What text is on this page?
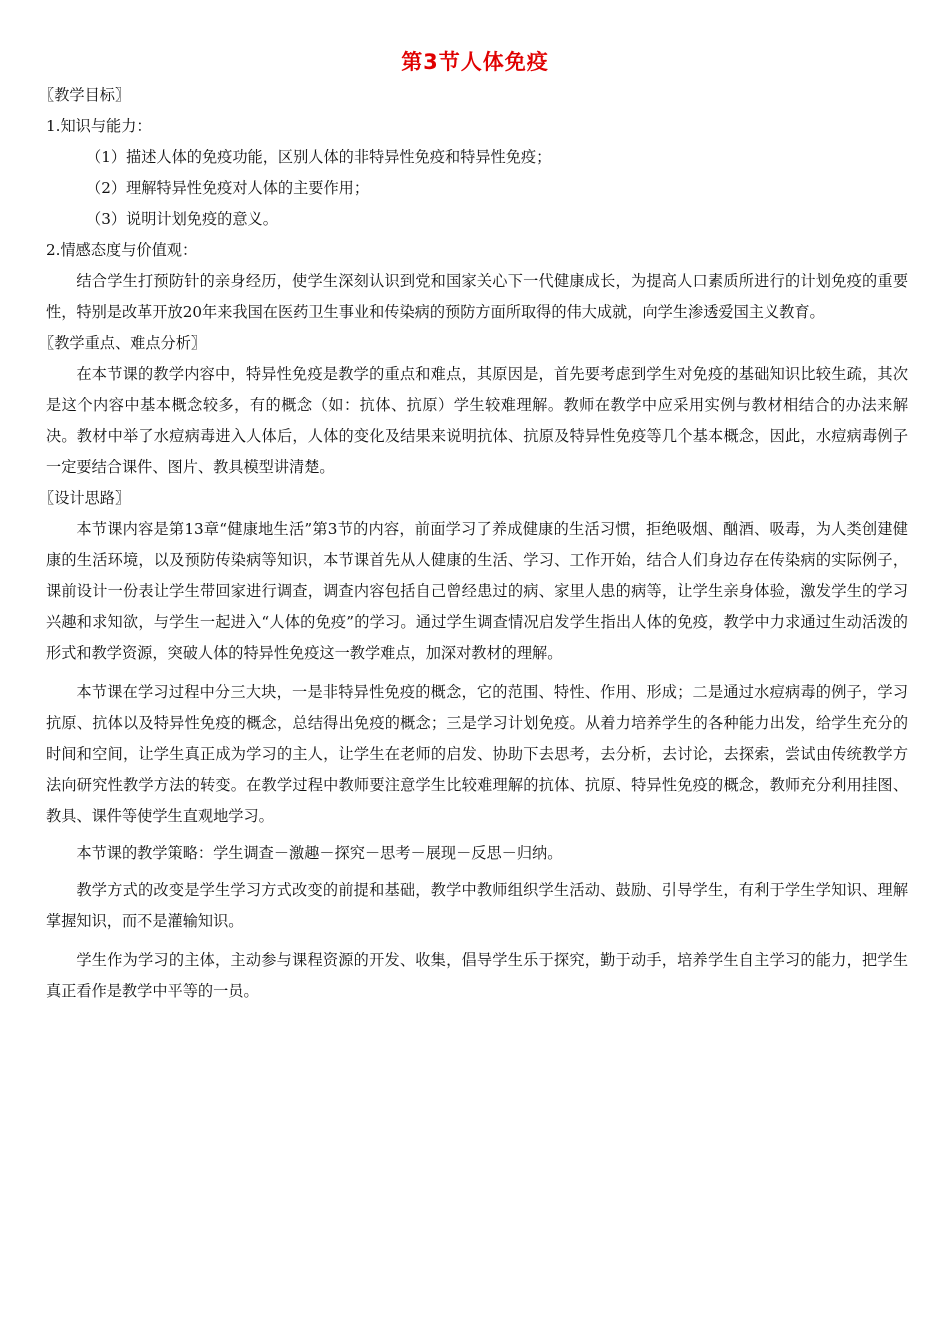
第3节人体免疫

〖教学目标〗

1.知识与能力：

（1）描述人体的免疫功能，区别人体的非特异性免疫和特异性免疫；

（2）理解特异性免疫对人体的主要作用；

（3）说明计划免疫的意义。

2.情感态度与价值观：

结合学生打预防针的亲身经历，使学生深刻认识到党和国家关心下一代健康成长，为提高人口素质所进行的计划免疫的重要性，特别是改革开放20年来我国在医药卫生事业和传染病的预防方面所取得的伟大成就，向学生渗透爱国主义教育。

〖教学重点、难点分析〗

在本节课的教学内容中，特异性免疫是教学的重点和难点，其原因是，首先要考虑到学生对免疫的基础知识比较生疏，其次是这个内容中基本概念较多，有的概念（如：抗体、抗原）学生较难理解。教师在教学中应采用实例与教材相结合的办法来解决。教材中举了水痘病毒进入人体后，人体的变化及结果来说明抗体、抗原及特异性免疫等几个基本概念，因此，水痘病毒例子一定要结合课件、图片、教具模型讲清楚。

〖设计思路〗

本节课内容是第13章“健康地生活”第3节的内容，前面学习了养成健康的生活习惯，拒绝吸烟、酗酒、吸毒，为人类创建健康的生活环境，以及预防传染病等知识，本节课首先从人健康的生活、学习、工作开始，结合人们身边存在传染病的实际例子，课前设计一份表让学生带回家进行调查，调查内容包括自己曾经患过的病、家里人患的病等，让学生亲身体验，激发学生的学习兴趣和求知欲，与学生一起进入“人体的免疫”的学习。通过学生调查情况启发学生指出人体的免疫，教学中力求通过生动活泼的形式和教学资源，突破人体的特异性免疫这一教学难点，加深对教材的理解。

本节课在学习过程中分三大块，一是非特异性免疫的概念，它的范围、特性、作用、形成；二是通过水痘病毒的例子，学习抗原、抗体以及特异性免疫的概念，总结得出免疫的概念；三是学习计划免疫。从着力培养学生的各种能力出发，给学生充分的时间和空间，让学生真正成为学习的主人，让学生在老师的启发、协助下去思考，去分析，去讨论，去探索，尝试由传统教学方法向研究性教学方法的转变。在教学过程中教师要注意学生比较难理解的抗体、抗原、特异性免疫的概念，教师充分利用挂图、教具、课件等使学生直观地学习。

本节课的教学策略：学生调查－激趣－探究－思考－展现－反思－归纳。

教学方式的改变是学生学习方式改变的前提和基础，教学中教师组织学生活动、鼓励、引导学生，有利于学生学知识、理解掌握知识，而不是灌输知识。

学生作为学习的主体，主动参与课程资源的开发、收集，倡导学生乐于探究，勤于动手，培养学生自主学习的能力，把学生真正看作是教学中平等的一员。
